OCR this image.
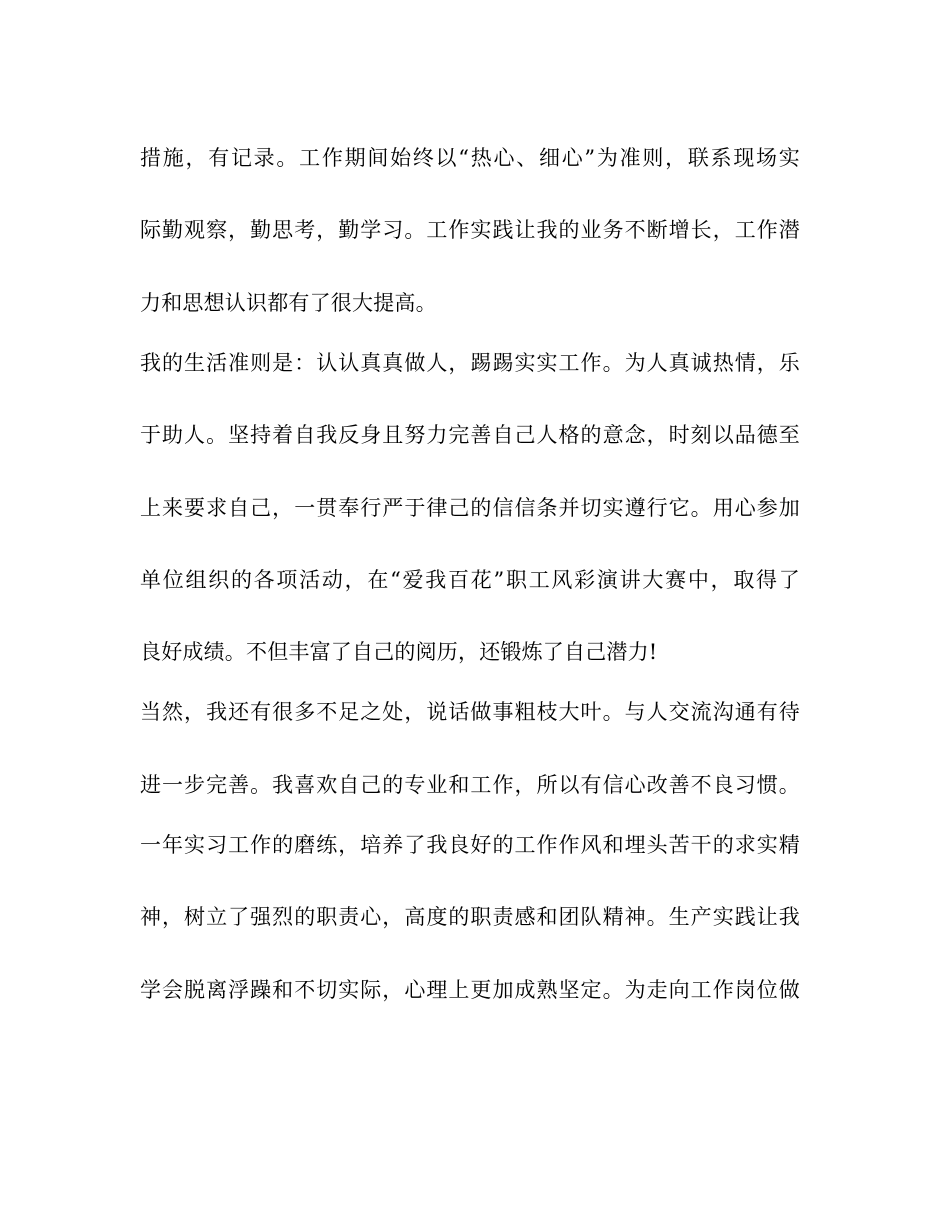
措施，有记录。工作期间始终以“热心、细心”为准则，联系现场实
际勤观察，勤思考，勤学习。工作实践让我的业务不断增长，工作潜
力和思想认识都有了很大提高。
我的生活准则是：认认真真做人，踢踢实实工作。为人真诚热情，乐
于助人。坚持着自我反身且努力完善自己人格的意念，时刻以品德至
上来要求自己，一贯奉行严于律己的信信条并切实遵行它。用心参加
单位组织的各项活动，在“爱我百花”职工风彩演讲大赛中，取得了
良好成绩。不但丰富了自己的阅历，还锻炼了自己潜力!
当然，我还有很多不足之处，说话做事粗枝大叶。与人交流沟通有待
进一步完善。我喜欢自己的专业和工作，所以有信心改善不良习惯。
一年实习工作的磨练，培养了我良好的工作作风和埋头苦干的求实精
神，树立了强烈的职责心，高度的职责感和团队精神。生产实践让我
学会脱离浮躁和不切实际，心理上更加成熟坚定。为走向工作岗位做
